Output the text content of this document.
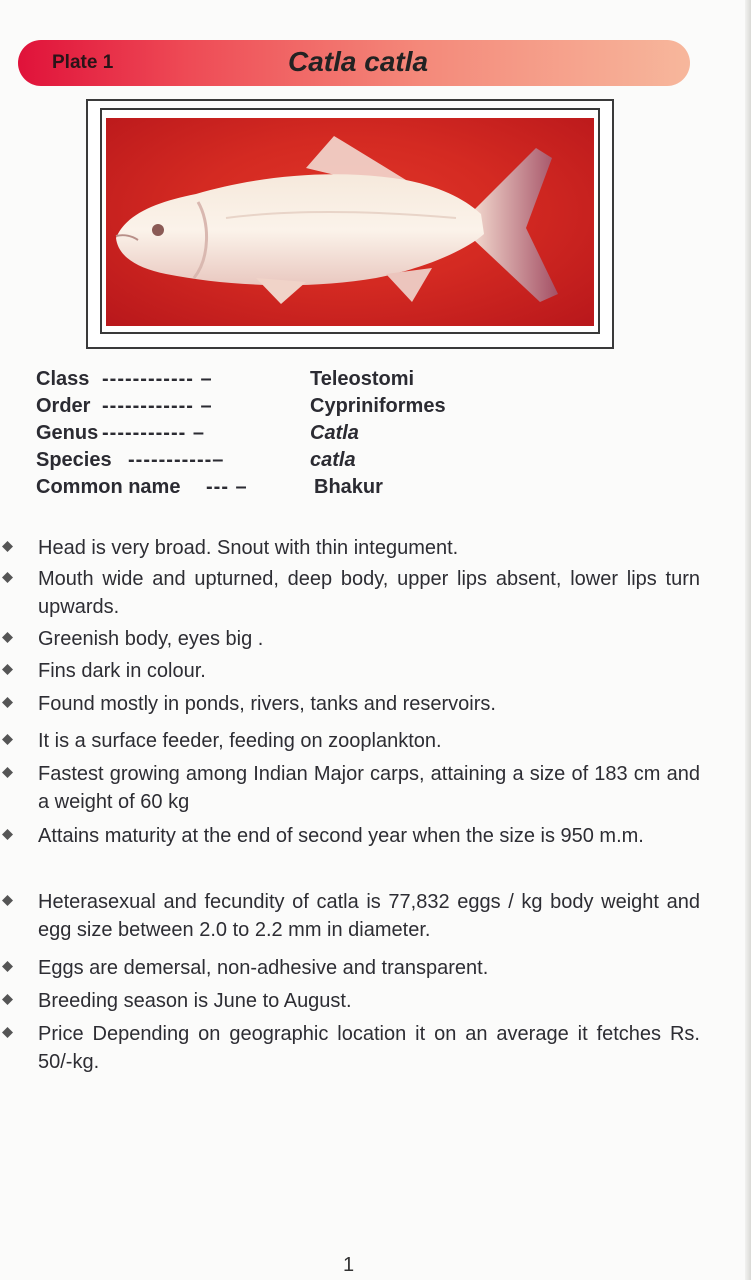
Plate 1	Catla catla
Class ------------ –	Teleostomi
Order ------------ –	Cypriniformes
Genus ----------- –	Catla
Species -----------–	catla
Common name --- –	Bhakur
Head is very broad. Snout with thin integument.
Mouth wide and upturned, deep body, upper lips absent, lower lips turn upwards.
Greenish body, eyes big .
Fins dark in colour.
Found mostly in ponds, rivers, tanks and reservoirs.
It is a surface feeder, feeding on zooplankton.
Fastest growing among Indian Major carps, attaining a size of 183 cm and a weight of 60 kg
Attains maturity at the end of second year when the size is 950 m.m.
Heterasexual and fecundity of catla is 77,832 eggs / kg body weight and egg size between 2.0 to 2.2 mm in diameter.
Eggs are demersal, non-adhesive and transparent.
Breeding season is June to August.
Price Depending on geographic location it on an average it fetches Rs. 50/-kg.
1
